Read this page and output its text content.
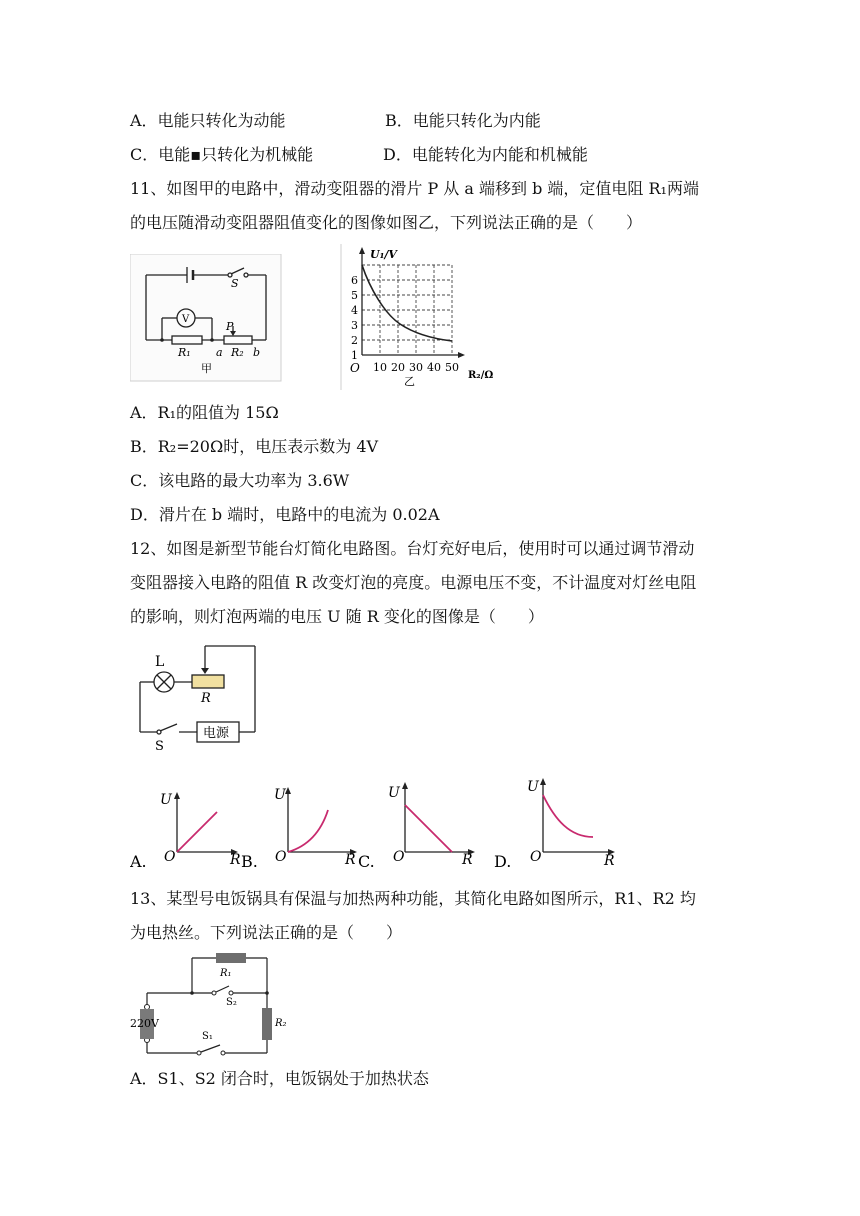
A．电能只转化为动能	B．电能只转化为内能
C．电能▪只转化为机械能	D．电能转化为内能和机械能
11、如图甲的电路中，滑动变阻器的滑片 P 从 a 端移到 b 端，定值电阻 R₁两端
的电压随滑动变阻器阻值变化的图像如图乙，下列说法正确的是（　　）
S
V
R₁
P
a R₂ b
甲
U₁/V
1
2
3
4
5
6
O 10 20 30 40 50
R₂/Ω
乙
A．R₁的阻值为 15Ω
B．R₂=20Ω时，电压表示数为 4V
C．该电路的最大功率为 3.6W
D．滑片在 b 端时，电路中的电流为 0.02A
12、如图是新型节能台灯简化电路图。台灯充好电后，使用时可以通过调节滑动
变阻器接入电路的阻值 R 改变灯泡的亮度。电源电压不变，不计温度对灯丝电阻
的影响，则灯泡两端的电压 U 随 R 变化的图像是（　　）
L
R
S
电源
U
O	R
A.
U
O	R
B.
U
O	R
C.
U
O	R
D.
13、某型号电饭锅具有保温与加热两种功能，其简化电路如图所示，R1、R2 均
为电热丝。下列说法正确的是（　　）
R₁
S₂
220V	R₂
S₁
A．S1、S2 闭合时，电饭锅处于加热状态
